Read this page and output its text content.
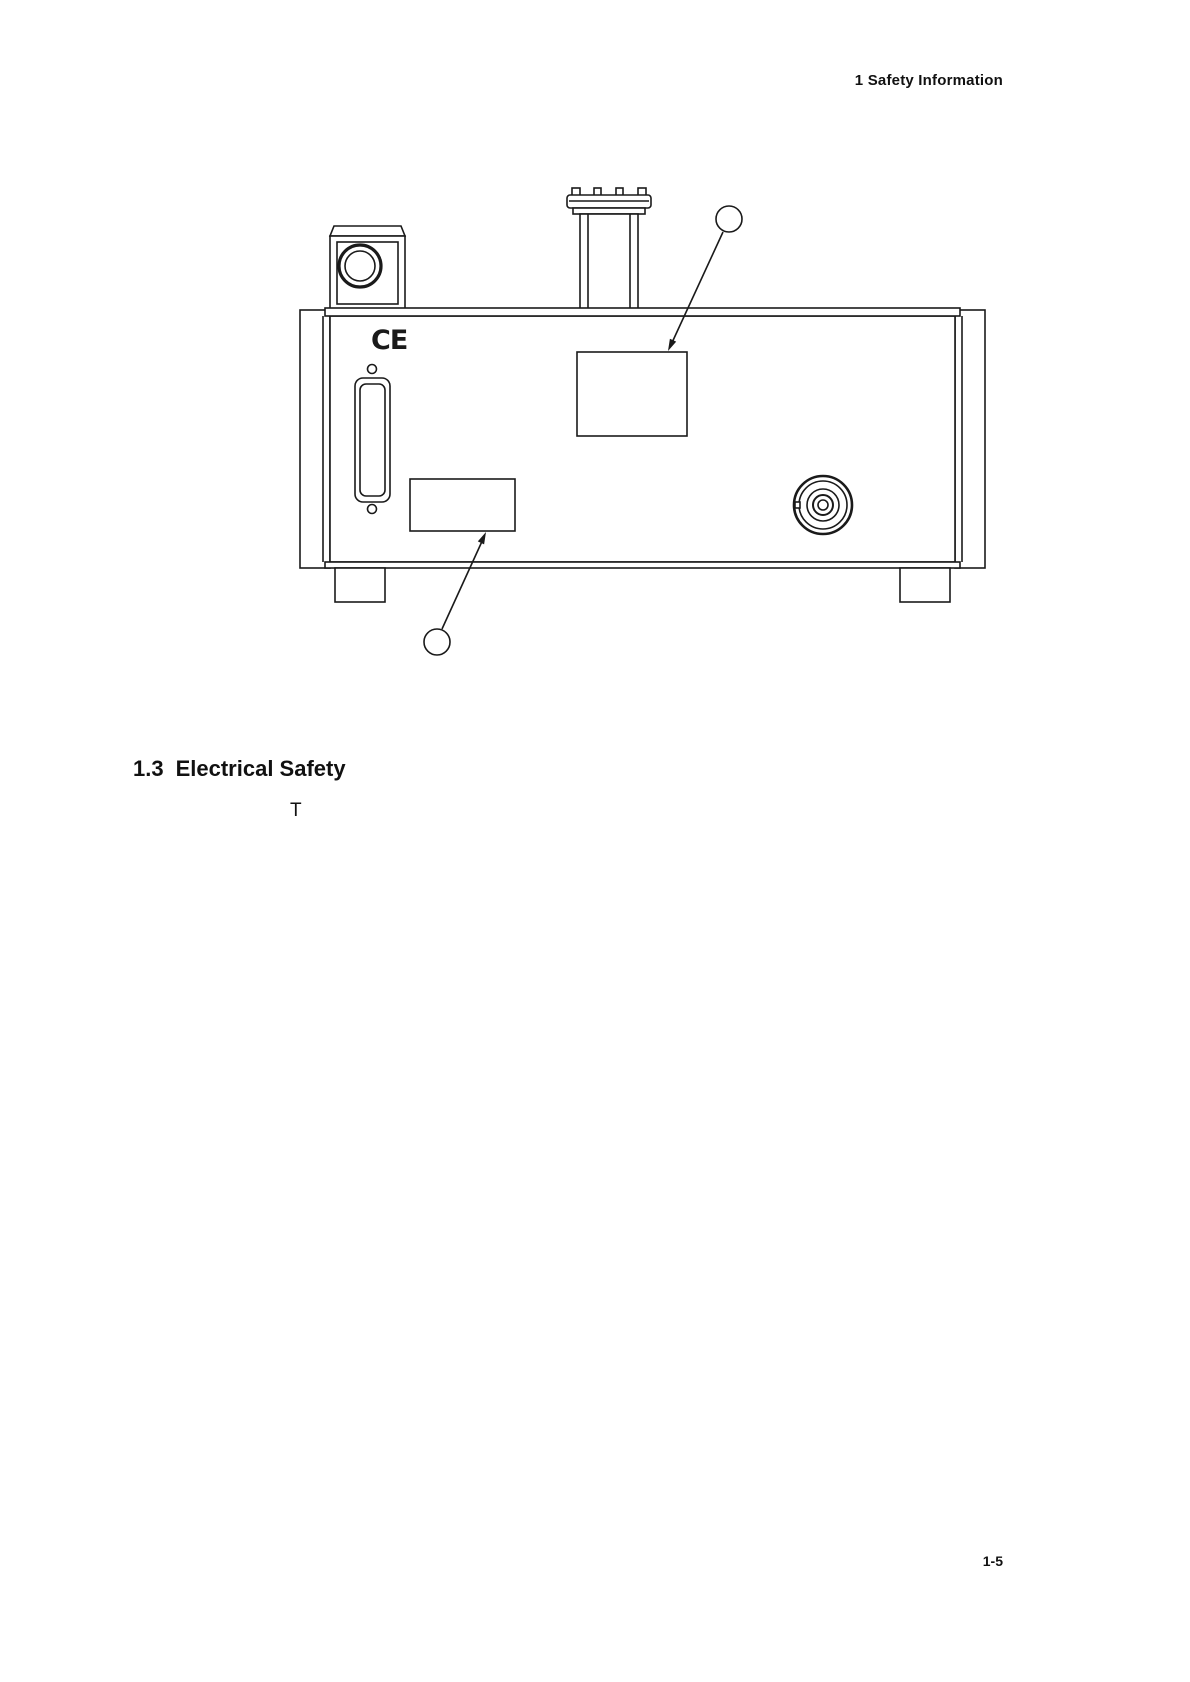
1 Safety Information
CE
1.3 Electrical Safety
T
1-5
